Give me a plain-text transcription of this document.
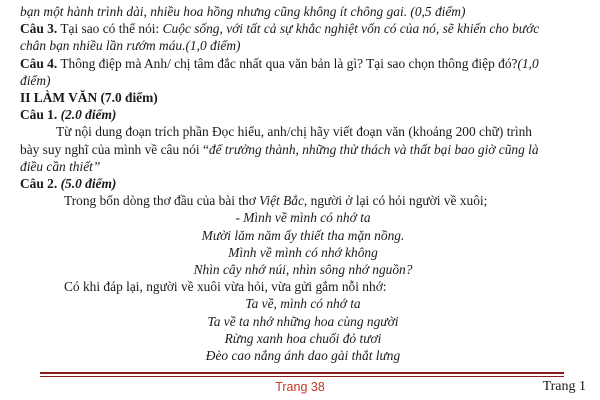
bạn một hành trình dài, nhiều hoa hồng nhưng cũng không ít chông gai. (0,5 điểm)

Câu 3. Tại sao có thể nói: Cuộc sống, với tất cả sự khắc nghiệt vốn có của nó, sẽ khiến cho bước

chân bạn nhiều lần rướm máu.(1,0 điểm)

Câu 4. Thông điệp mà Anh/ chị tâm đắc nhất qua văn bản là gì? Tại sao chọn thông điệp đó?(1,0

điểm)

II LÀM VĂN (7.0 điểm)

Câu 1. (2.0 điểm)

Từ nội dung đoạn trích phần Đọc hiểu, anh/chị hãy viết đoạn văn (khoảng 200 chữ) trình

bày suy nghĩ của mình về câu nói “để trưởng thành, những thử thách và thất bại bao giờ cũng là

điều cần thiết”

Câu 2. (5.0 điểm)

Trong bốn dòng thơ đầu của bài thơ Việt Bắc, người ở lại có hỏi người về xuôi;

- Mình về mình có nhớ ta

Mười lăm năm ấy thiết tha mặn nồng.

Mình về mình có nhớ không

Nhìn cây nhớ núi, nhìn sông nhớ nguồn?

Có khi đáp lại, người về xuôi vừa hỏi, vừa gửi gắm nỗi nhớ:

Ta về, mình có nhớ ta

Ta về ta nhớ những hoa cùng người

Rừng xanh hoa chuối đỏ tươi

Đèo cao nắng ánh dao gài thắt lưng

Trang 38	Trang 1
